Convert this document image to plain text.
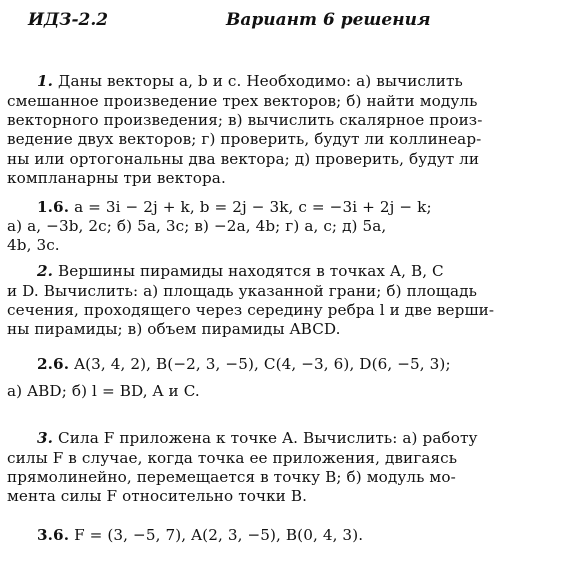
ИДЗ-2.2	Вариант 6 решения
1. Даны векторы a, b и c. Необходимо: а) вычислить
смешанное произведение трех векторов; б) найти модуль
векторного произведения; в) вычислить скалярное произ-
ведение двух векторов; г) проверить, будут ли коллинеар-
ны или ортогональны два вектора; д) проверить, будут ли
компланарны три вектора.
1.6. a = 3i − 2j + k, b = 2j − 3k, c = −3i + 2j − k;
а) a, −3b, 2c; б) 5a, 3c; в) −2a, 4b; г) a, c; д) 5a,
4b, 3c.
2. Вершины пирамиды находятся в точках A, B, C
и D. Вычислить: а) площадь указанной грани; б) площадь
сечения, проходящего через середину ребра l и две верши-
ны пирамиды; в) объем пирамиды ABCD.
2.6. A(3, 4, 2), B(−2, 3, −5), C(4, −3, 6), D(6, −5, 3);
а) ABD; б) l = BD, A и C.
3. Сила F приложена к точке A. Вычислить: а) работу
силы F в случае, когда точка ее приложения, двигаясь
прямолинейно, перемещается в точку B; б) модуль мо-
мента силы F относительно точки B.
3.6. F = (3, −5, 7), A(2, 3, −5), B(0, 4, 3).
